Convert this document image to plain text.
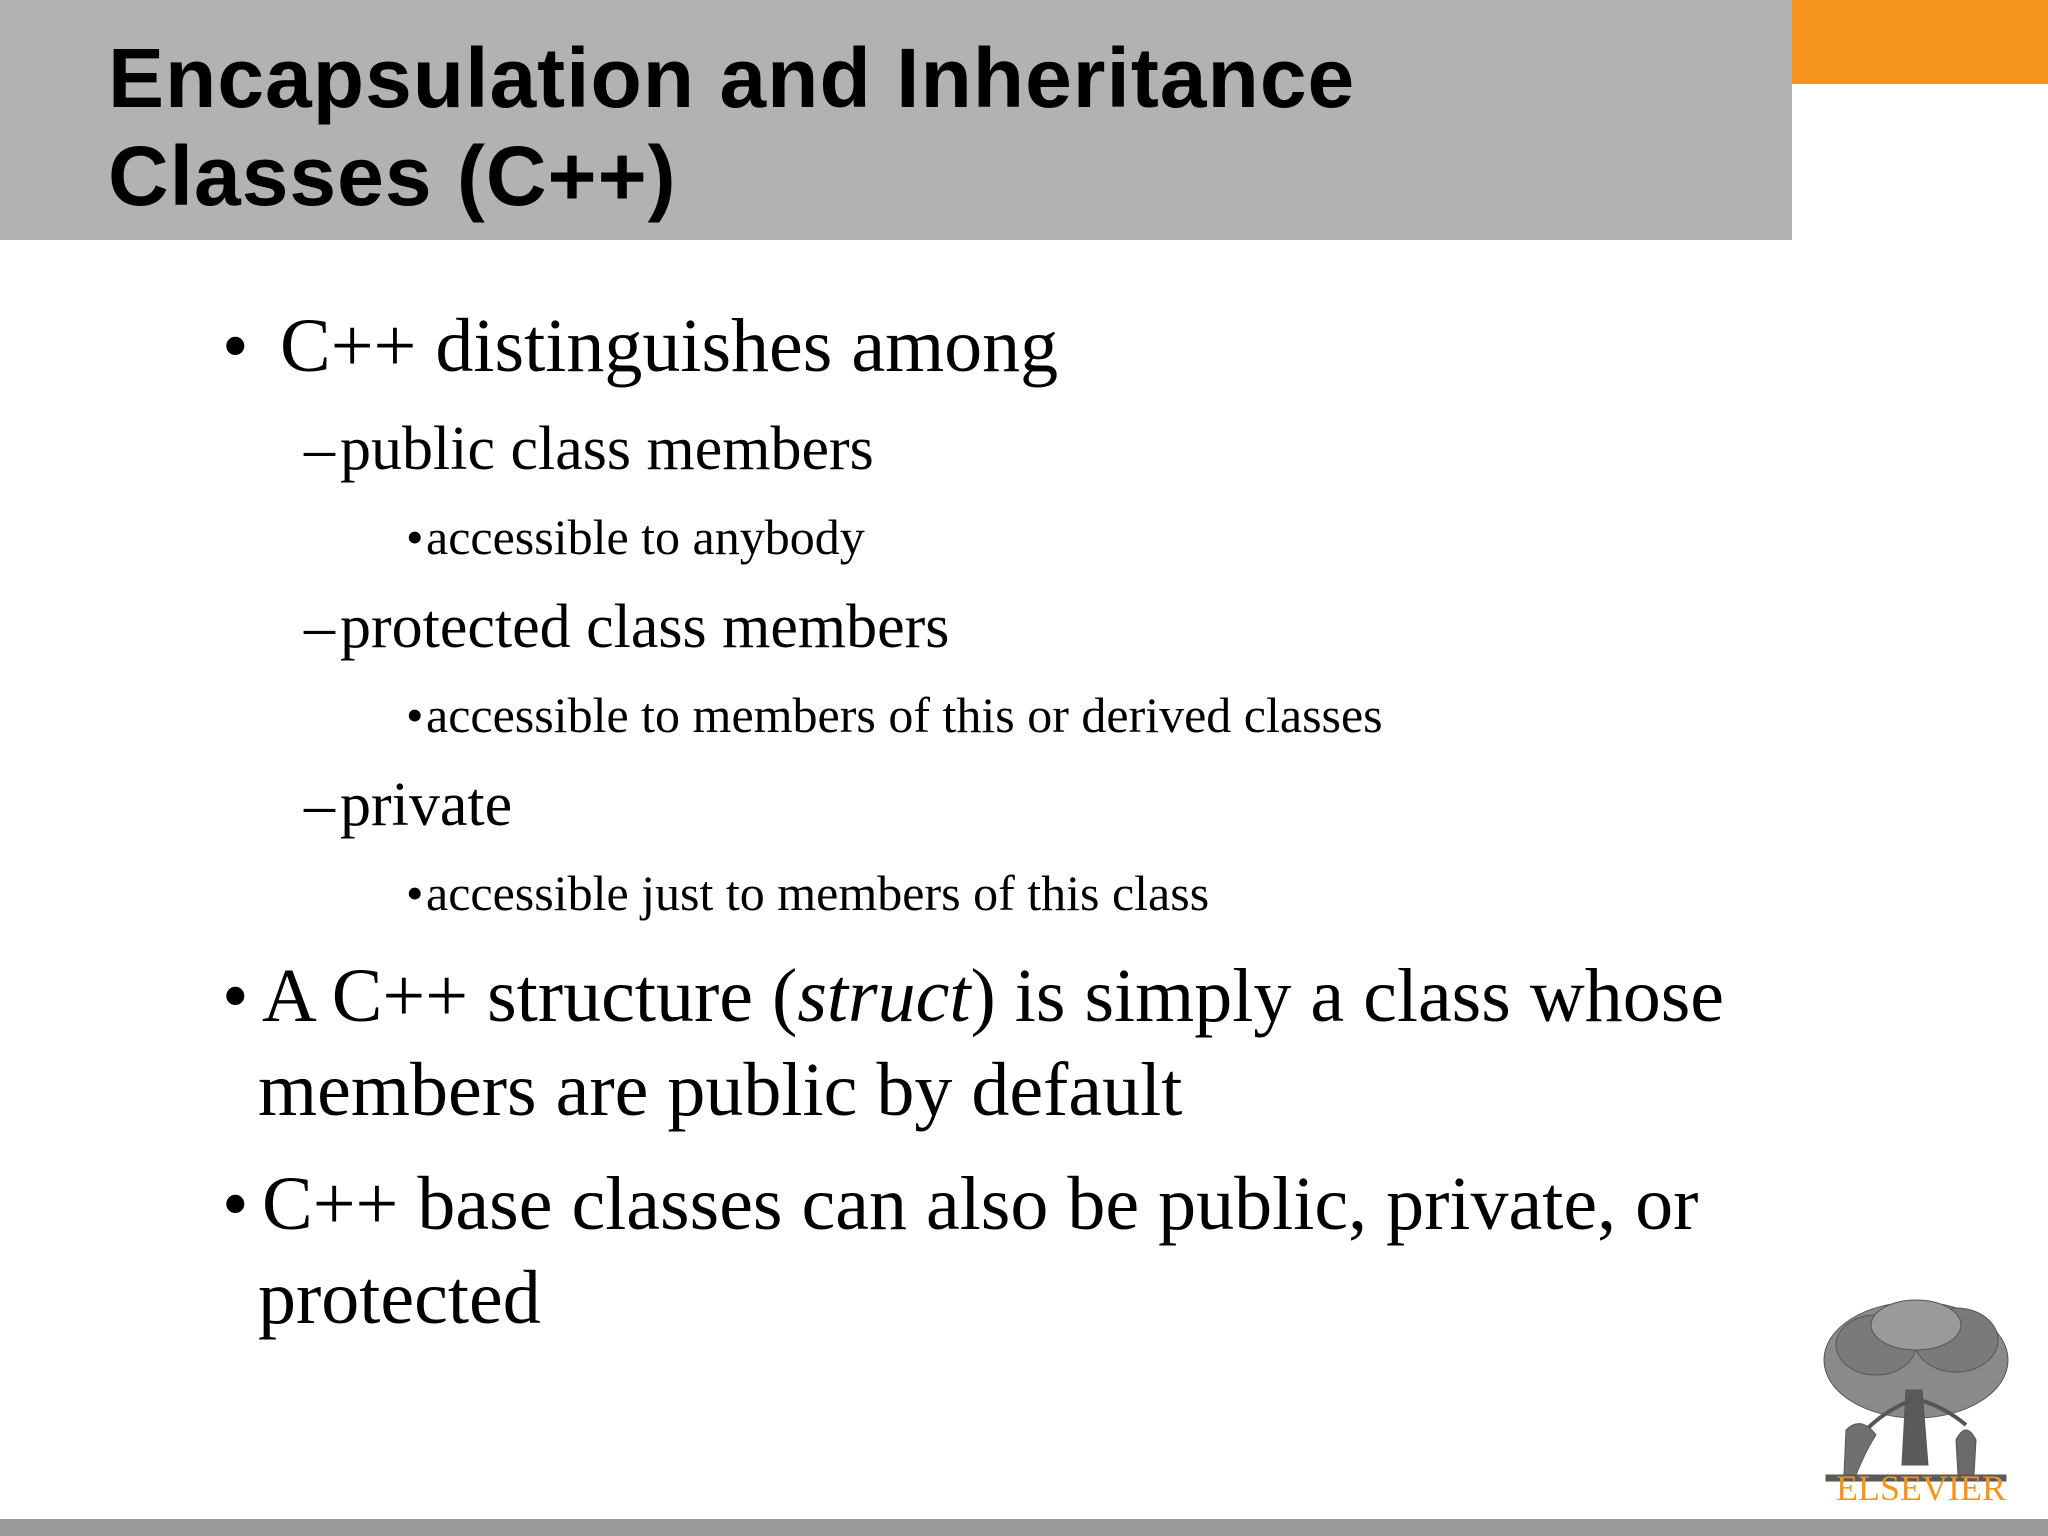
Encapsulation and Inheritance
Classes (C++)
• C++ distinguishes among
– public class members
• accessible to anybody
– protected class members
• accessible to members of this or derived classes
– private
• accessible just to members of this class
• A C++ structure (struct) is simply a class whose
members are public by default
• C++ base classes can also be public, private, or
protected
ELSEVIER
